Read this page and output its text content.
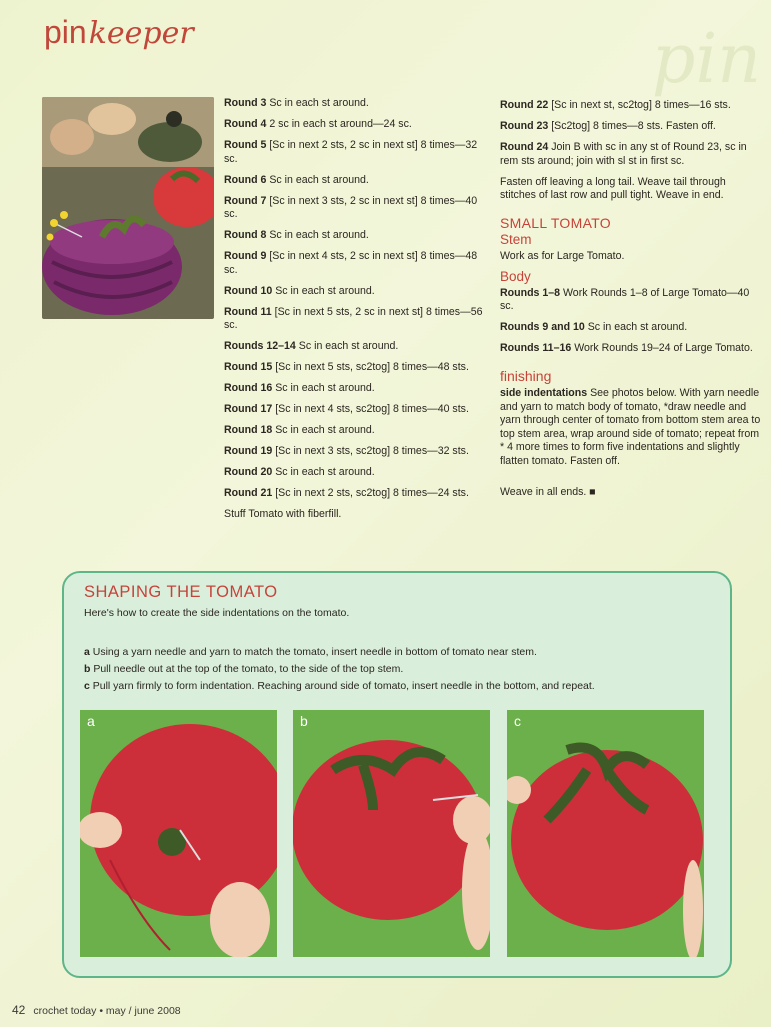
pinkeeper	pin

Round 3 Sc in each st around.

Round 4 2 sc in each st around—24 sc.

Round 5 [Sc in next 2 sts, 2 sc in next st] 8 times—32 sc.

Round 6 Sc in each st around.

Round 7 [Sc in next 3 sts, 2 sc in next st] 8 times—40 sc.

Round 8 Sc in each st around.

Round 9 [Sc in next 4 sts, 2 sc in next st] 8 times—48 sc.

Round 10 Sc in each st around.

Round 11 [Sc in next 5 sts, 2 sc in next st] 8 times—56 sc.

Rounds 12–14 Sc in each st around.

Round 15 [Sc in next 5 sts, sc2tog] 8 times—48 sts.

Round 16 Sc in each st around.

Round 17 [Sc in next 4 sts, sc2tog] 8 times—40 sts.

Round 18 Sc in each st around.

Round 19 [Sc in next 3 sts, sc2tog] 8 times—32 sts.

Round 20 Sc in each st around.

Round 21 [Sc in next 2 sts, sc2tog] 8 times—24 sts.

Stuff Tomato with fiberfill.

Round 22 [Sc in next st, sc2tog] 8 times—16 sts.

Round 23 [Sc2tog] 8 times—8 sts. Fasten off.

Round 24 Join B with sc in any st of Round 23, sc in rem sts around; join with sl st in first sc.

Fasten off leaving a long tail. Weave tail through stitches of last row and pull tight. Weave in end.

SMALL TOMATO
Stem

Work as for Large Tomato.

Body

Rounds 1–8 Work Rounds 1–8 of Large Tomato—40 sc.

Rounds 9 and 10 Sc in each st around.

Rounds 11–16 Work Rounds 19–24 of Large Tomato.

finishing

side indentations See photos below. With yarn needle and yarn to match body of tomato, *draw needle and yarn through center of tomato from bottom stem area to top stem area, wrap around side of tomato; repeat from * 4 more times to form five indentations and slightly flatten tomato. Fasten off.

Weave in all ends. ■

SHAPING THE TOMATO
Here's how to create the side indentations on the tomato.
a Using a yarn needle and yarn to match the tomato, insert needle in bottom of tomato near stem.
b Pull needle out at the top of the tomato, to the side of the top stem.
c Pull yarn firmly to form indentation. Reaching around side of tomato, insert needle in the bottom, and repeat.
a	b	c
42 crochet today • may / june 2008
